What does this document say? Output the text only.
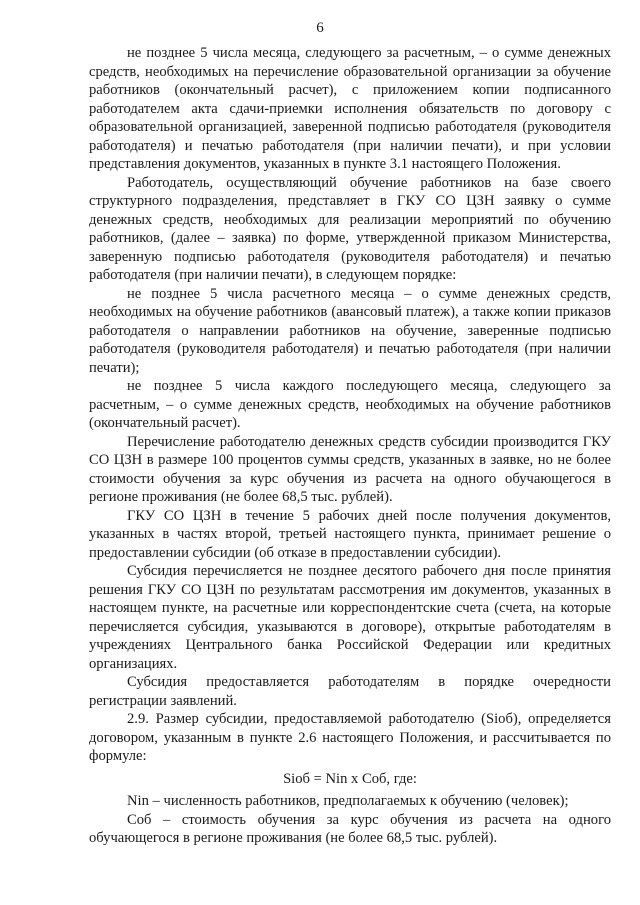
6

не позднее 5 числа месяца, следующего за расчетным, – о сумме денежных средств, необходимых на перечисление образовательной организации за обучение работников (окончательный расчет), с приложением копии подписанного работодателем акта сдачи-приемки исполнения обязательств по договору с образовательной организацией, заверенной подписью работодателя (руководителя работодателя) и печатью работодателя (при наличии печати), и при условии представления документов, указанных в пункте 3.1 настоящего Положения.

Работодатель, осуществляющий обучение работников на базе своего структурного подразделения, представляет в ГКУ СО ЦЗН заявку о сумме денежных средств, необходимых для реализации мероприятий по обучению работников, (далее – заявка) по форме, утвержденной приказом Министерства, заверенную подписью работодателя (руководителя работодателя) и печатью работодателя (при наличии печати), в следующем порядке:

не позднее 5 числа расчетного месяца – о сумме денежных средств, необходимых на обучение работников (авансовый платеж), а также копии приказов работодателя о направлении работников на обучение, заверенные подписью работодателя (руководителя работодателя) и печатью работодателя (при наличии печати);

не позднее 5 числа каждого последующего месяца, следующего за расчетным, – о сумме денежных средств, необходимых на обучение работников (окончательный расчет).

Перечисление работодателю денежных средств субсидии производится ГКУ СО ЦЗН в размере 100 процентов суммы средств, указанных в заявке, но не более стоимости обучения за курс обучения из расчета на одного обучающегося в регионе проживания (не более 68,5 тыс. рублей).

ГКУ СО ЦЗН в течение 5 рабочих дней после получения документов, указанных в частях второй, третьей настоящего пункта, принимает решение о предоставлении субсидии (об отказе в предоставлении субсидии).

Субсидия перечисляется не позднее десятого рабочего дня после принятия решения ГКУ СО ЦЗН по результатам рассмотрения им документов, указанных в настоящем пункте, на расчетные или корреспондентские счета (счета, на которые перечисляется субсидия, указываются в договоре), открытые работодателям в учреждениях Центрального банка Российской Федерации или кредитных организациях.

Субсидия предоставляется работодателям в порядке очередности регистрации заявлений.

2.9. Размер субсидии, предоставляемой работодателю (Siоб), определяется договором, указанным в пункте 2.6 настоящего Положения, и рассчитывается по формуле:

Siоб = Nin x Cоб, где:

Nin – численность работников, предполагаемых к обучению (человек);

Cоб – стоимость обучения за курс обучения из расчета на одного обучающегося в регионе проживания (не более 68,5 тыс. рублей).
